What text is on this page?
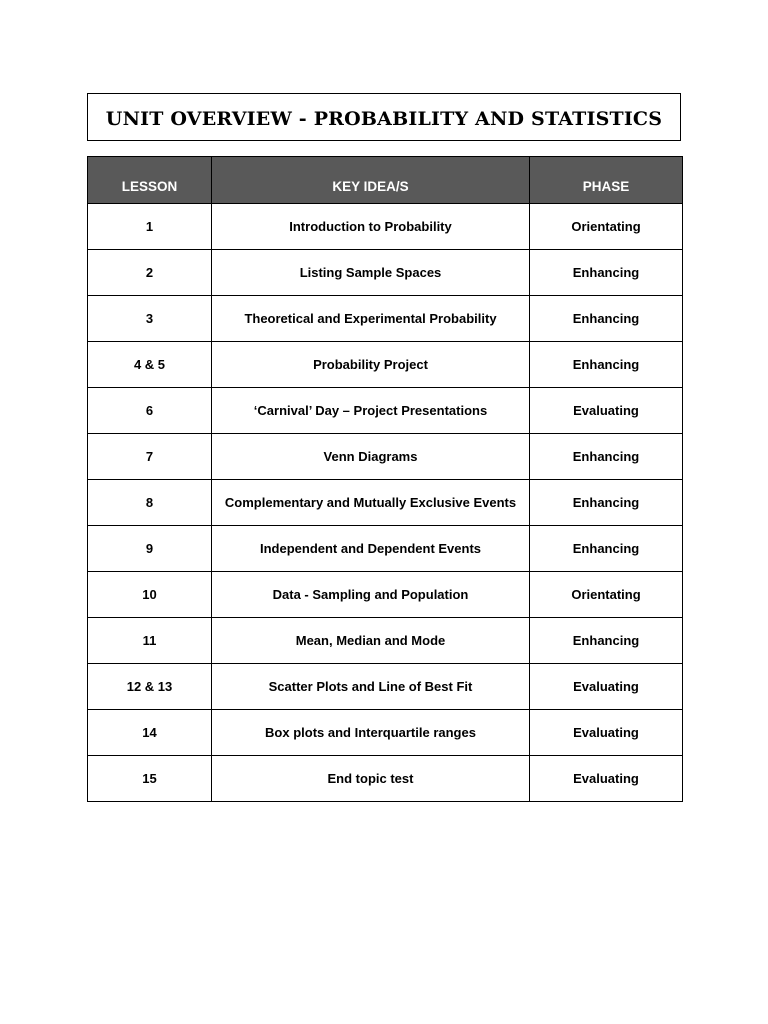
UNIT OVERVIEW - PROBABILITY AND STATISTICS
LESSON	KEY IDEA/S	PHASE
1	Introduction to Probability	Orientating
2	Listing Sample Spaces	Enhancing
3	Theoretical and Experimental Probability	Enhancing
4 & 5	Probability Project	Enhancing
6	‘Carnival’ Day – Project Presentations	Evaluating
7	Venn Diagrams	Enhancing
8	Complementary and Mutually Exclusive Events	Enhancing
9	Independent and Dependent Events	Enhancing
10	Data - Sampling and Population	Orientating
11	Mean, Median and Mode	Enhancing
12 & 13	Scatter Plots and Line of Best Fit	Evaluating
14	Box plots and Interquartile ranges	Evaluating
15	End topic test	Evaluating
